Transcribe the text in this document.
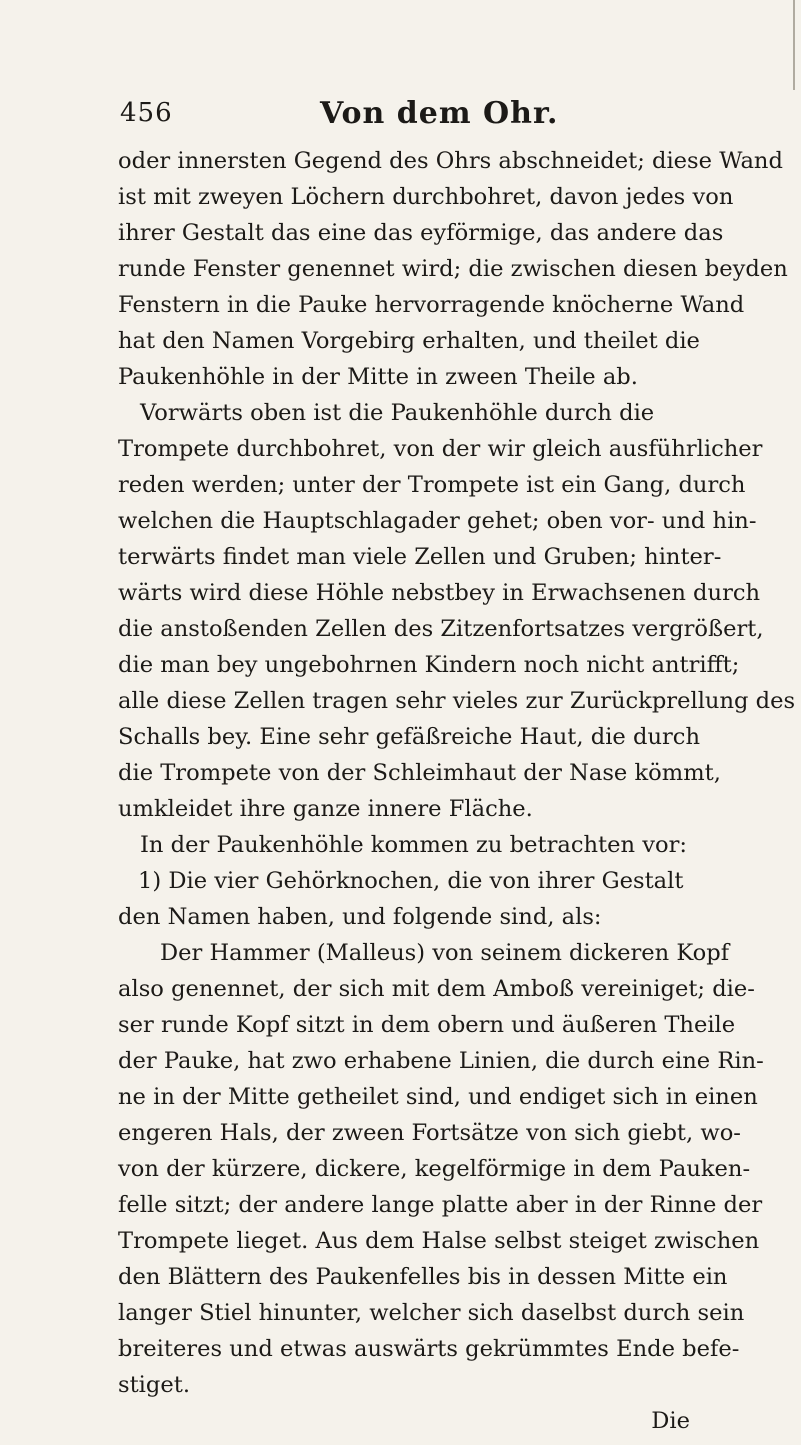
456	Von dem Ohr.
oder innersten Gegend des Ohrs abschneidet; diese Wand
ist mit zweyen Löchern durchbohret, davon jedes von
ihrer Gestalt das eine das eyförmige, das andere das
runde Fenster genennet wird; die zwischen diesen beyden
Fenstern in die Pauke hervorragende knöcherne Wand
hat den Namen Vorgebirg erhalten, und theilet die
Paukenhöhle in der Mitte in zween Theile ab.
Vorwärts oben ist die Paukenhöhle durch die
Trompete durchbohret, von der wir gleich ausführlicher
reden werden; unter der Trompete ist ein Gang, durch
welchen die Hauptschlagader gehet; oben vor- und hin-
terwärts findet man viele Zellen und Gruben; hinter-
wärts wird diese Höhle nebstbey in Erwachsenen durch
die anstoßenden Zellen des Zitzenfortsatzes vergrößert,
die man bey ungebohrnen Kindern noch nicht antrifft;
alle diese Zellen tragen sehr vieles zur Zurückprellung des
Schalls bey. Eine sehr gefäßreiche Haut, die durch
die Trompete von der Schleimhaut der Nase kömmt,
umkleidet ihre ganze innere Fläche.
In der Paukenhöhle kommen zu betrachten vor:
1) Die vier Gehörknochen, die von ihrer Gestalt
den Namen haben, und folgende sind, als:
Der Hammer (Malleus) von seinem dickeren Kopf
also genennet, der sich mit dem Amboß vereiniget; die-
ser runde Kopf sitzt in dem obern und äußeren Theile
der Pauke, hat zwo erhabene Linien, die durch eine Rin-
ne in der Mitte getheilet sind, und endiget sich in einen
engeren Hals, der zween Fortsätze von sich giebt, wo-
von der kürzere, dickere, kegelförmige in dem Pauken-
felle sitzt; der andere lange platte aber in der Rinne der
Trompete lieget. Aus dem Halse selbst steiget zwischen
den Blättern des Paukenfelles bis in dessen Mitte ein
langer Stiel hinunter, welcher sich daselbst durch sein
breiteres und etwas auswärts gekrümmtes Ende befe-
stiget.
Die
